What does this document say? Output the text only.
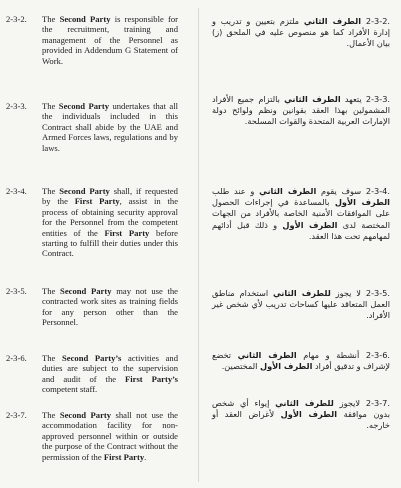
2-3-2.	The Second Party is responsible for the recruitment, training and management of the Personnel as provided in Addendum G Statement of Work.
2-3-3.	The Second Party undertakes that all the individuals included in this Contract shall abide by the UAE and Armed Forces laws, regulations and by laws.
2-3-4.	The Second Party shall, if requested by the First Party, assist in the process of obtaining security approval for the Personnel from the competent entities of the First Party before starting to fulfill their duties under this Contract.
2-3-5.	The Second Party may not use the contracted work sites as training fields for any person other than the Personnel.
2-3-6.	The Second Party’s activities and duties are subject to the supervision and audit of the First Party’s competent staff.
2-3-7.	The Second Party shall not use the accommodation facility for non-approved personnel within or outside the purpose of the Contract without the permission of the First Party.
2-3-2. الطرف الثاني ملتزم بتعيين و تدريب و إدارة الأفراد كما هو منصوص عليه في الملحق (ز) بيان الأعمال.
2-3-3. يتعهد الطرف الثاني بالتزام جميع الأفراد المشمولين بهذا العقد بقوانين ونظم ولوائح دولة الإمارات العربية المتحدة والقوات المسلحة.
2-3-4. سوف يقوم الطرف الثاني و عند طلب الطرف الأول بالمساعدة في إجراءات الحصول على الموافقات الأمنية الخاصة بالأفراد من الجهات المختصة لدى الطرف الأول و ذلك قبل أدائهم لمهامهم تحت هذا العقد.
2-3-5. لا يجوز للطرف الثاني استخدام مناطق العمل المتعاقد عليها كساحات تدريب لأي شخص غير الأفراد.
2-3-6. أنشطة و مهام الطرف الثاني تخضع لإشراف و تدقيق أفراد الطرف الأول المختصين.
2-3-7. لايجوز للطرف الثاني إيواء أي شخص بدون موافقة الطرف الأول لأغراض العقد أو خارجه.
